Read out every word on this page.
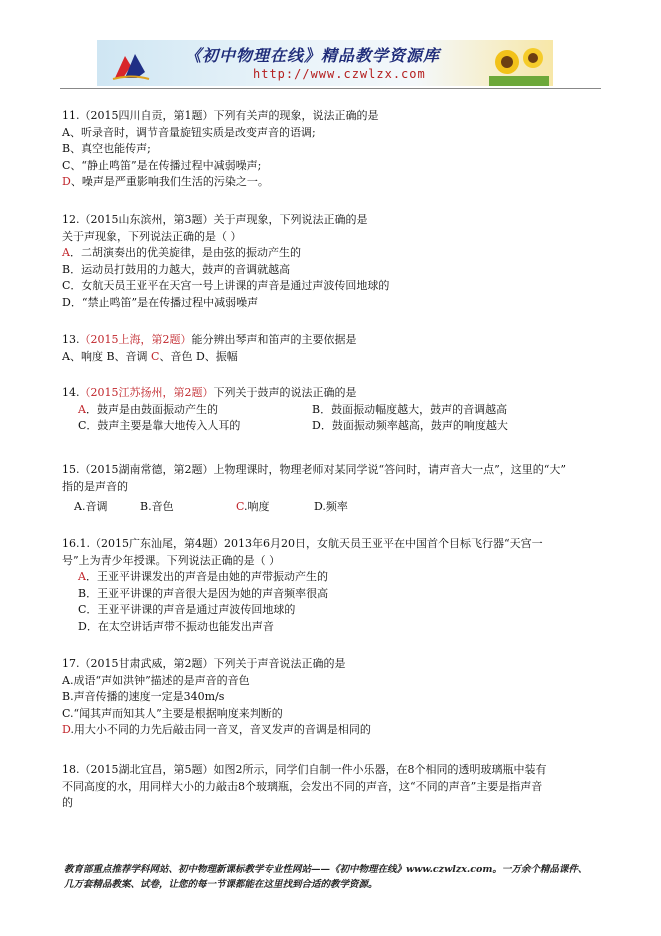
《初中物理在线》精品教学资源库
http://www.czwlzx.com
11.（2015四川自贡，第1题）下列有关声的现象，说法正确的是
A、听录音时，调节音量旋钮实质是改变声音的语调;
B、真空也能传声;
C、“静止鸣笛”是在传播过程中减弱噪声;
D、噪声是严重影响我们生活的污染之一。
12.（2015山东滨州，第3题）关于声现象，下列说法正确的是
关于声现象，下列说法正确的是（ ）
A．二胡演奏出的优美旋律，是由弦的振动产生的
B．运动员打鼓用的力越大，鼓声的音调就越高
C．女航天员王亚平在天宫一号上讲课的声音是通过声波传回地球的
D．“禁止鸣笛”是在传播过程中减弱噪声
13.（2015上海，第2题）能分辨出琴声和笛声的主要依据是
A、响度 B、音调 C、音色 D、振幅
14.（2015江苏扬州，第2题）下列关于鼓声的说法正确的是
A．鼓声是由鼓面振动产生的	B．鼓面振动幅度越大，鼓声的音调越高
C．鼓声主要是靠大地传入人耳的	D．鼓面振动频率越高，鼓声的响度越大
15.（2015湖南常德，第2题）上物理课时，物理老师对某同学说“答问时，请声音大一点”，这里的“大”
指的是声音的
A.音调	B.音色	C.响度	D.频率
16.1.（2015广东汕尾，第4题）2013年6月20日，女航天员王亚平在中国首个目标飞行器“天宫一
号”上为青少年授课。下列说法正确的是（ ）
A．王亚平讲课发出的声音是由她的声带振动产生的
B．王亚平讲课的声音很大是因为她的声音频率很高
C．王亚平讲课的声音是通过声波传回地球的
D．在太空讲话声带不振动也能发出声音
17.（2015甘肃武威，第2题）下列关于声音说法正确的是
A.成语“声如洪钟”描述的是声音的音色
B.声音传播的速度一定是340m/s
C.“闻其声而知其人”主要是根据响度来判断的
D.用大小不同的力先后敲击同一音叉，音叉发声的音调是相同的
18.（2015湖北宜昌，第5题）如图2所示，同学们自制一件小乐器，在8个相同的透明玻璃瓶中装有
不同高度的水，用同样大小的力敲击8个玻璃瓶，会发出不同的声音，这“不同的声音”主要是指声音
的
教育部重点推荐学科网站、初中物理新课标教学专业性网站——《初中物理在线》www.czwlzx.com。一万余个精品课件、
几万套精品教案、试卷，让您的每一节课都能在这里找到合适的教学资源。
